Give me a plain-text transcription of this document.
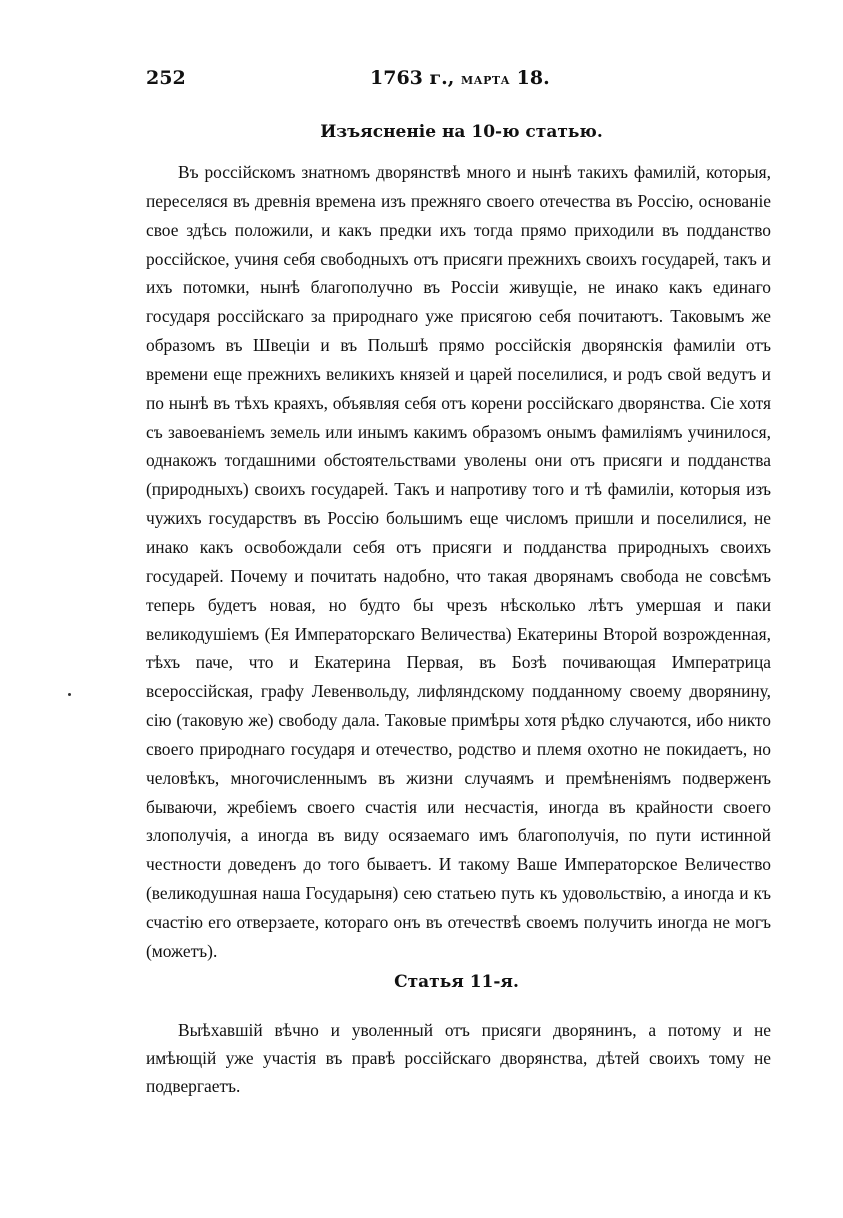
252	1763 г., марта 18.
Изъясненіе на 10-ю статью.
Въ россійскомъ знатномъ дворянствѣ много и нынѣ такихъ фамилій, которыя, переселяся въ древнія времена изъ прежняго своего отечества въ Россію, основаніе свое здѣсь положили, и какъ предки ихъ тогда прямо приходили въ подданство россійское, учиня себя свободныхъ отъ присяги прежнихъ своихъ государей, такъ и ихъ потомки, нынѣ благополучно въ Россіи живущіе, не инако какъ единаго государя россійскаго за природнаго уже присягою себя почитаютъ. Таковымъ же образомъ въ Швеціи и въ Польшѣ прямо россійскія дворянскія фамиліи отъ времени еще прежнихъ великихъ князей и царей поселилися, и родъ свой ведутъ и по нынѣ въ тѣхъ краяхъ, объявляя себя отъ корени россійскаго дворянства. Сіе хотя съ завоеваніемъ земель или инымъ какимъ образомъ онымъ фамиліямъ учинилося, однакожъ тогдашними обстоятельствами уволены они отъ присяги и подданства (природныхъ) своихъ государей. Такъ и напротиву того и тѣ фамиліи, которыя изъ чужихъ государствъ въ Россію большимъ еще числомъ пришли и поселилися, не инако какъ освобождали себя отъ присяги и подданства природныхъ своихъ государей. Почему и почитать надобно, что такая дворянамъ свобода не совсѣмъ теперь будетъ новая, но будто бы чрезъ нѣсколько лѣтъ умершая и паки великодушіемъ (Ея Императорскаго Величества) Екатерины Второй возрожденная, тѣхъ паче, что и Екатерина Первая, въ Бозѣ почивающая Императрица всероссійская, графу Левенвольду, лифляндскому подданному своему дворянину, сію (таковую же) свободу дала. Таковые примѣры хотя рѣдко случаются, ибо никто своего природнаго государя и отечество, родство и племя охотно не покидаетъ, но человѣкъ, многочисленнымъ въ жизни случаямъ и премѣненіямъ подверженъ бываючи, жребіемъ своего счастія или несчастія, иногда въ крайности своего злополучія, а иногда въ виду осязаемаго имъ благополучія, по пути истинной честности доведенъ до того бываетъ. И такому Ваше Императорское Величество (великодушная наша Государыня) сею статьею путь къ удовольствію, а иногда и къ счастію его отверзаете, котораго онъ въ отечествѣ своемъ получить иногда не могъ (можетъ).
Статья 11-я.
Выѣхавшій вѣчно и уволенный отъ присяги дворянинъ, а потому и не имѣющій уже участія въ правѣ россійскаго дворянства, дѣтей своихъ тому не подвергаетъ.
